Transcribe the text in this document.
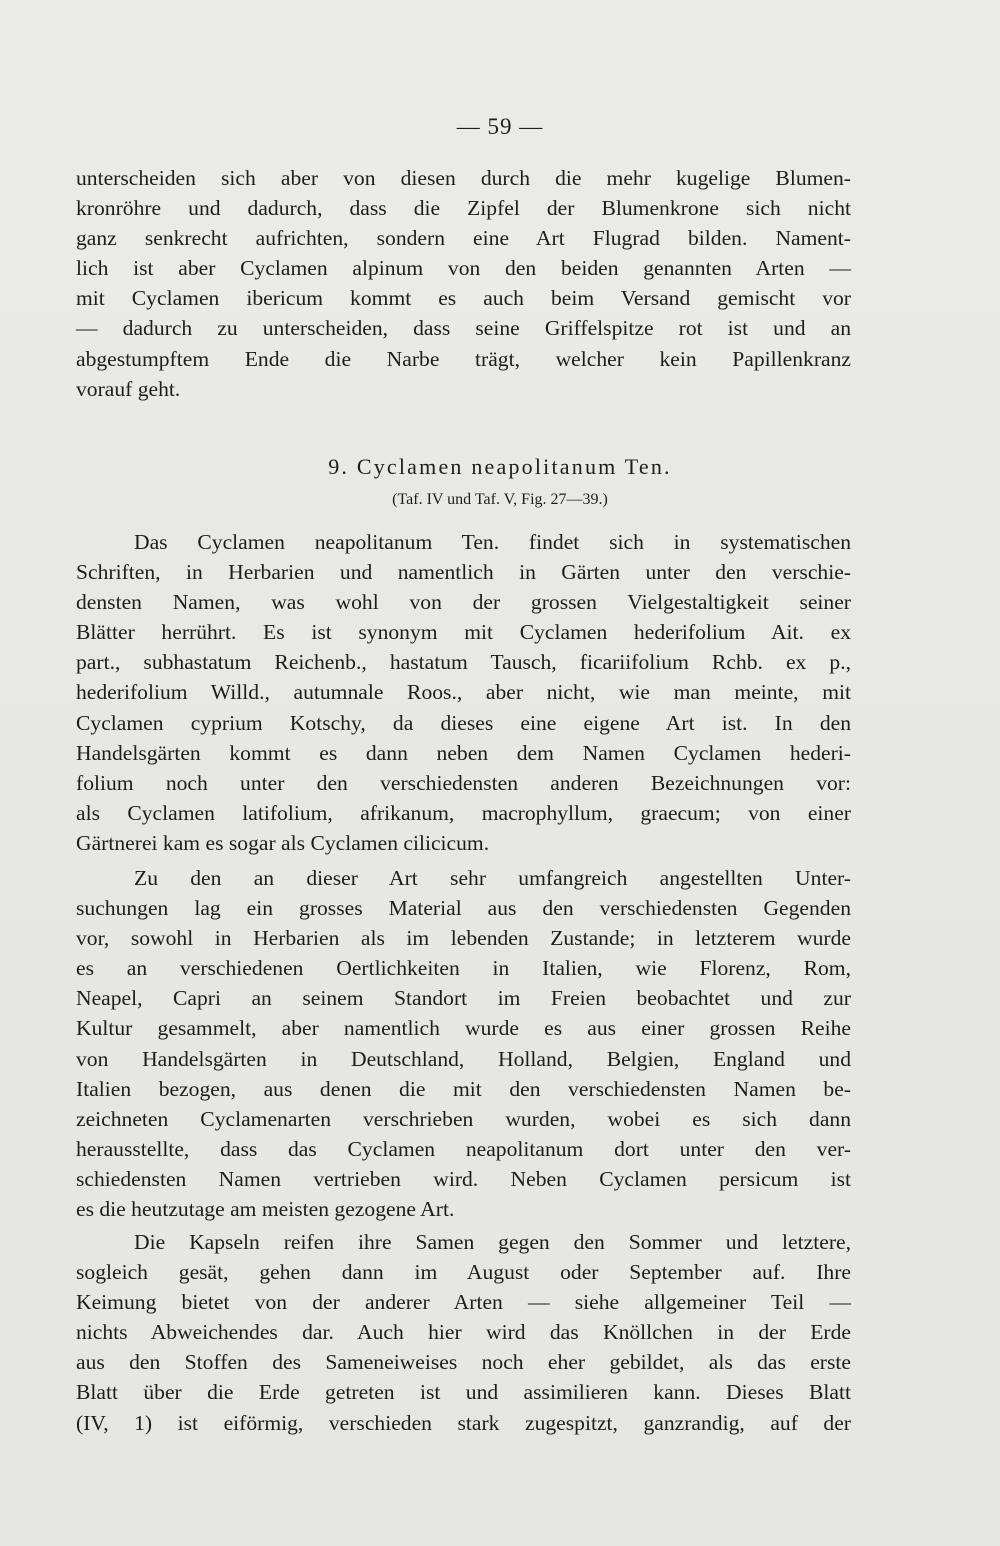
— 59 —
unterscheiden sich aber von diesen durch die mehr kugelige Blumen-
kronröhre und dadurch, dass die Zipfel der Blumenkrone sich nicht
ganz senkrecht aufrichten, sondern eine Art Flugrad bilden. Nament-
lich ist aber Cyclamen alpinum von den beiden genannten Arten —
mit Cyclamen ibericum kommt es auch beim Versand gemischt vor
— dadurch zu unterscheiden, dass seine Griffelspitze rot ist und an
abgestumpftem Ende die Narbe trägt, welcher kein Papillenkranz
vorauf geht.
9. Cyclamen neapolitanum Ten.
(Taf. IV und Taf. V, Fig. 27—39.)
Das Cyclamen neapolitanum Ten. findet sich in systematischen
Schriften, in Herbarien und namentlich in Gärten unter den verschie-
densten Namen, was wohl von der grossen Vielgestaltigkeit seiner
Blätter herrührt. Es ist synonym mit Cyclamen hederifolium Ait. ex
part., subhastatum Reichenb., hastatum Tausch, ficariifolium Rchb. ex p.,
hederifolium Willd., autumnale Roos., aber nicht, wie man meinte, mit
Cyclamen cyprium Kotschy, da dieses eine eigene Art ist. In den
Handelsgärten kommt es dann neben dem Namen Cyclamen hederi-
folium noch unter den verschiedensten anderen Bezeichnungen vor:
als Cyclamen latifolium, afrikanum, macrophyllum, graecum; von einer
Gärtnerei kam es sogar als Cyclamen cilicicum.
Zu den an dieser Art sehr umfangreich angestellten Unter-
suchungen lag ein grosses Material aus den verschiedensten Gegenden
vor, sowohl in Herbarien als im lebenden Zustande; in letzterem wurde
es an verschiedenen Oertlichkeiten in Italien, wie Florenz, Rom,
Neapel, Capri an seinem Standort im Freien beobachtet und zur
Kultur gesammelt, aber namentlich wurde es aus einer grossen Reihe
von Handelsgärten in Deutschland, Holland, Belgien, England und
Italien bezogen, aus denen die mit den verschiedensten Namen be-
zeichneten Cyclamenarten verschrieben wurden, wobei es sich dann
herausstellte, dass das Cyclamen neapolitanum dort unter den ver-
schiedensten Namen vertrieben wird. Neben Cyclamen persicum ist
es die heutzutage am meisten gezogene Art.
Die Kapseln reifen ihre Samen gegen den Sommer und letztere,
sogleich gesät, gehen dann im August oder September auf. Ihre
Keimung bietet von der anderer Arten — siehe allgemeiner Teil —
nichts Abweichendes dar. Auch hier wird das Knöllchen in der Erde
aus den Stoffen des Sameneiweises noch eher gebildet, als das erste
Blatt über die Erde getreten ist und assimilieren kann. Dieses Blatt
(IV, 1) ist eiförmig, verschieden stark zugespitzt, ganzrandig, auf der
